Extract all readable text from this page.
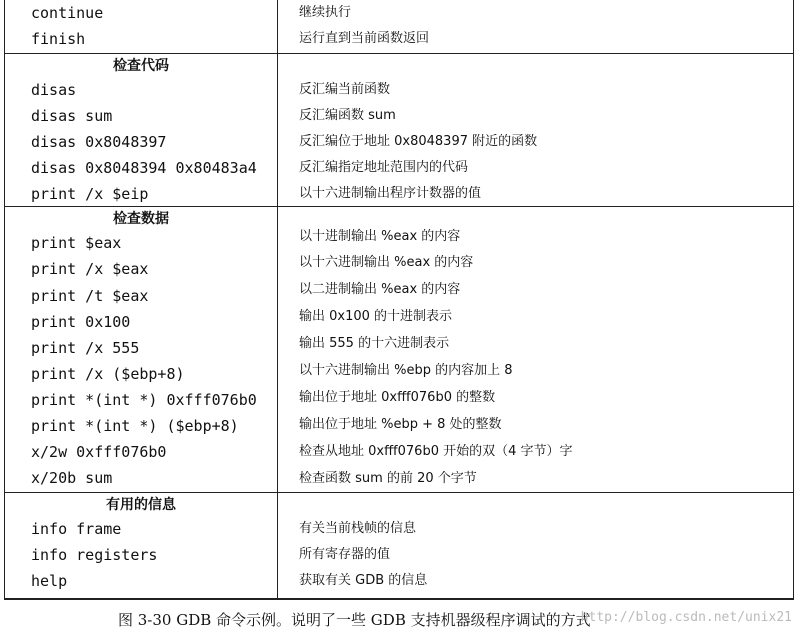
continue	继续执行
finish	运行直到当前函数返回
检查代码
disas	反汇编当前函数
disas sum	反汇编函数 sum
disas 0x8048397	反汇编位于地址 0x8048397 附近的函数
disas 0x8048394 0x80483a4	反汇编指定地址范围内的代码
print /x $eip	以十六进制输出程序计数器的值
检查数据
print $eax	以十进制输出 %eax 的内容
print /x $eax	以十六进制输出 %eax 的内容
print /t $eax	以二进制输出 %eax 的内容
print 0x100	输出 0x100 的十进制表示
print /x 555	输出 555 的十六进制表示
print /x ($ebp+8)	以十六进制输出 %ebp 的内容加上 8
print *(int *) 0xfff076b0	输出位于地址 0xfff076b0 的整数
print *(int *) ($ebp+8)	输出位于地址 %ebp + 8 处的整数
x/2w 0xfff076b0	检查从地址 0xfff076b0 开始的双（4 字节）字
x/20b sum	检查函数 sum 的前 20 个字节
有用的信息
info frame	有关当前栈帧的信息
info registers	所有寄存器的值
help	获取有关 GDB 的信息
图 3-30 GDB 命令示例。说明了一些 GDB 支持机器级程序调试的方式
http://blog.csdn.net/unix21
